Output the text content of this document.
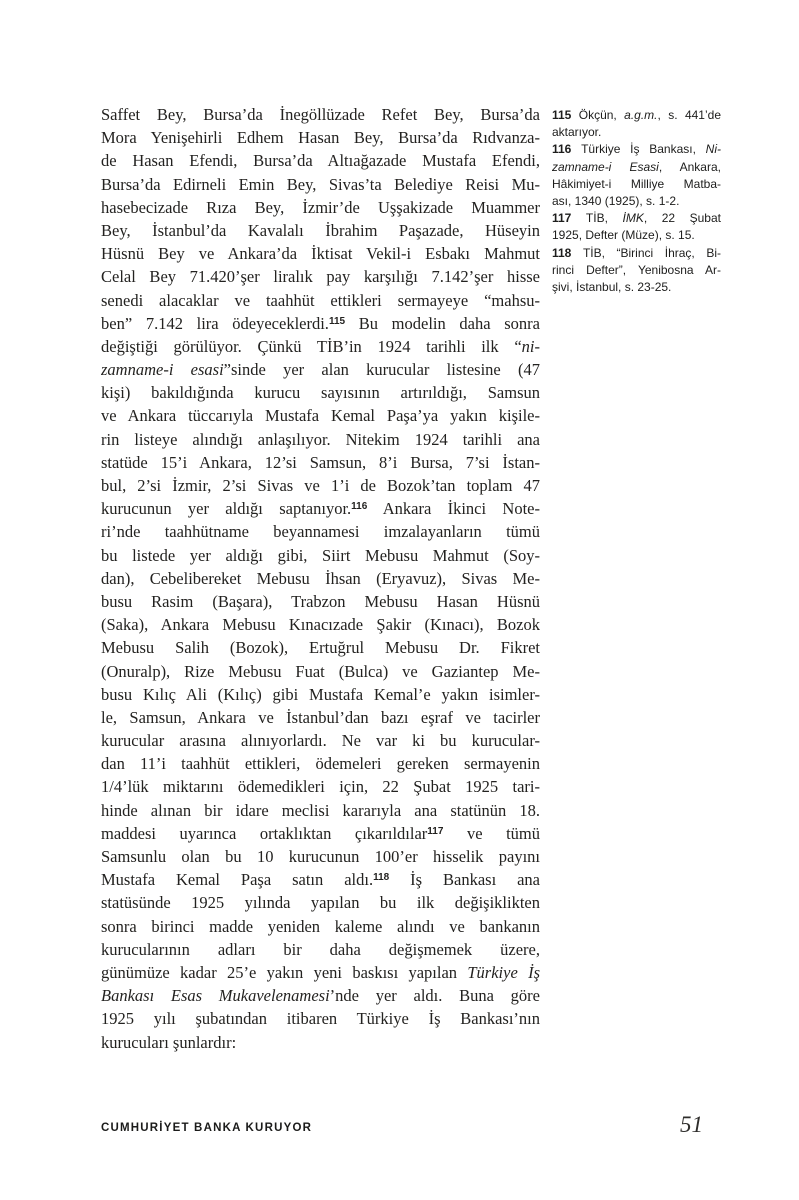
Saffet Bey, Bursa’da İnegöllüzade Refet Bey, Bursa’da
Mora Yenişehirli Edhem Hasan Bey, Bursa’da Rıdvanza-
de Hasan Efendi, Bursa’da Altıağazade Mustafa Efendi,
Bursa’da Edirneli Emin Bey, Sivas’ta Belediye Reisi Mu-
hasebecizade Rıza Bey, İzmir’de Uşşakizade Muammer
Bey, İstanbul’da Kavalalı İbrahim Paşazade, Hüseyin
Hüsnü Bey ve Ankara’da İktisat Vekil-i Esbakı Mahmut
Celal Bey 71.420’şer liralık pay karşılığı 7.142’şer hisse
senedi alacaklar ve taahhüt ettikleri sermayeye “mahsu-
ben” 7.142 lira ödeyeceklerdi.$^{115}$ Bu modelin daha sonra
değiştiği görülüyor. Çünkü TİB’in 1924 tarihli ilk “ni-
zamname-i esasi”sinde yer alan kurucular listesine (47
kişi) bakıldığında kurucu sayısının artırıldığı, Samsun
ve Ankara tüccarıyla Mustafa Kemal Paşa’ya yakın kişile-
rin listeye alındığı anlaşılıyor. Nitekim 1924 tarihli ana
statüde 15’i Ankara, 12’si Samsun, 8’i Bursa, 7’si İstan-
bul, 2’si İzmir, 2’si Sivas ve 1’i de Bozok’tan toplam 47
kurucunun yer aldığı saptanıyor.$^{116}$ Ankara İkinci Note-
ri’nde taahhütname beyannamesi imzalayanların tümü
bu listede yer aldığı gibi, Siirt Mebusu Mahmut (Soy-
dan), Cebelibereket Mebusu İhsan (Eryavuz), Sivas Me-
busu Rasim (Başara), Trabzon Mebusu Hasan Hüsnü
(Saka), Ankara Mebusu Kınacızade Şakir (Kınacı), Bozok
Mebusu Salih (Bozok), Ertuğrul Mebusu Dr. Fikret
(Onuralp), Rize Mebusu Fuat (Bulca) ve Gaziantep Me-
busu Kılıç Ali (Kılıç) gibi Mustafa Kemal’e yakın isimler-
le, Samsun, Ankara ve İstanbul’dan bazı eşraf ve tacirler
kurucular arasına alınıyorlardı. Ne var ki bu kurucular-
dan 11’i taahhüt ettikleri, ödemeleri gereken sermayenin
1/4’lük miktarını ödemedikleri için, 22 Şubat 1925 tari-
hinde alınan bir idare meclisi kararıyla ana statünün 18.
maddesi uyarınca ortaklıktan çıkarıldılar$^{117}$ ve tümü
Samsunlu olan bu 10 kurucunun 100’er hisselik payını
Mustafa Kemal Paşa satın aldı.$^{118}$ İş Bankası ana
statüsünde 1925 yılında yapılan bu ilk değişiklikten
sonra birinci madde yeniden kaleme alındı ve bankanın
kurucularının adları bir daha değişmemek üzere,
günümüze kadar 25’e yakın yeni baskısı yapılan Türkiye İş
Bankası Esas Mukavelenamesi’nde yer aldı. Buna göre
1925 yılı şubatından itibaren Türkiye İş Bankası’nın
kurucuları şunlardır:
115 Ökçün, a.g.m., s. 441’de
aktarıyor.
116 Türkiye İş Bankası, Ni-
zamname-i Esasi, Ankara,
Hâkimiyet-i Milliye Matba-
ası, 1340 (1925), s. 1-2.
117 TİB, İMK, 22 Şubat
1925, Defter (Müze), s. 15.
118 TİB, “Birinci İhraç, Bi-
rinci Defter”, Yenibosna Ar-
şivi, İstanbul, s. 23-25.
CUMHURİYET BANKA KURUYOR	51
